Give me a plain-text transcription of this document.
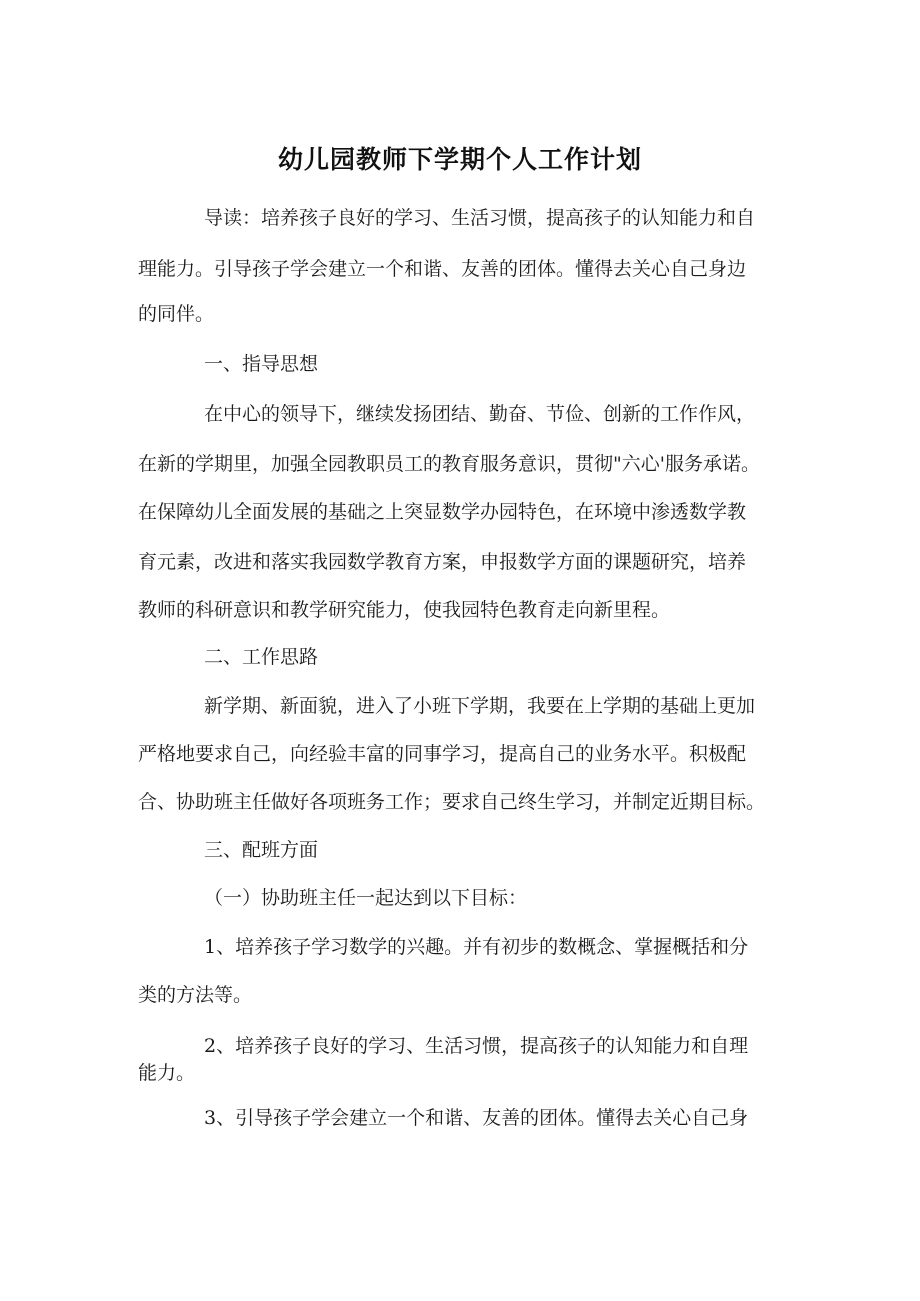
幼儿园教师下学期个人工作计划
导读：培养孩子良好的学习、生活习惯，提高孩子的认知能力和自
理能力。引导孩子学会建立一个和谐、友善的团体。懂得去关心自己身边
的同伴。
一、指导思想
在中心的领导下，继续发扬团结、勤奋、节俭、创新的工作作风，
在新的学期里，加强全园教职员工的教育服务意识，贯彻"六心'服务承诺。
在保障幼儿全面发展的基础之上突显数学办园特色，在环境中渗透数学教
育元素，改进和落实我园数学教育方案，申报数学方面的课题研究，培养
教师的科研意识和教学研究能力，使我园特色教育走向新里程。
二、工作思路
新学期、新面貌，进入了小班下学期，我要在上学期的基础上更加
严格地要求自己，向经验丰富的同事学习，提高自己的业务水平。积极配
合、协助班主任做好各项班务工作；要求自己终生学习，并制定近期目标。
三、配班方面
（一）协助班主任一起达到以下目标：
1、培养孩子学习数学的兴趣。并有初步的数概念、掌握概括和分
类的方法等。
2、培养孩子良好的学习、生活习惯，提高孩子的认知能力和自理
能力。
3、引导孩子学会建立一个和谐、友善的团体。懂得去关心自己身
